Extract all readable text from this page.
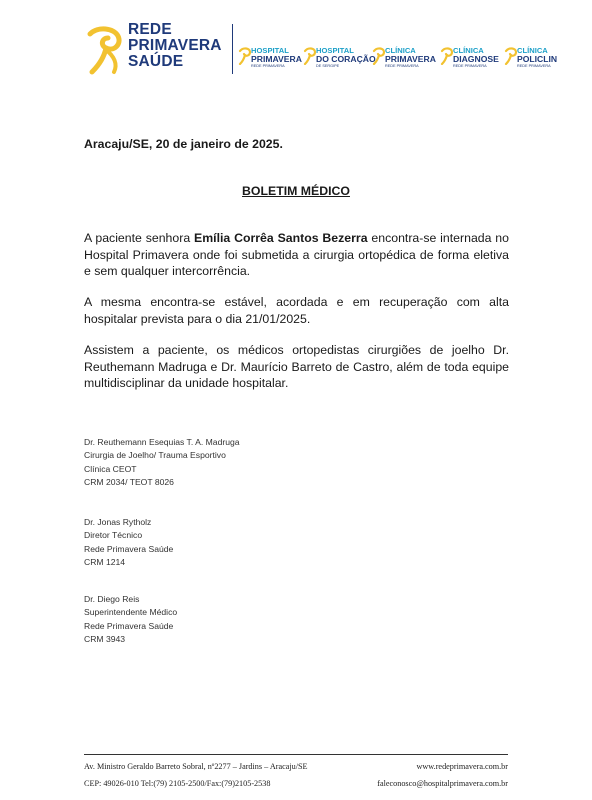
REDE
PRIMAVERA
SAÚDE
HOSPITAL
PRIMAVERA
REDE PRIMAVERA
HOSPITAL
DO CORAÇÃO
DE SERGIPE
CLÍNICA
PRIMAVERA
REDE PRIMAVERA
CLÍNICA
DIAGNOSE
REDE PRIMAVERA
CLÍNICA
POLICLIN
REDE PRIMAVERA
Aracaju/SE, 20 de janeiro de 2025.
BOLETIM MÉDICO
A paciente senhora Emília Corrêa Santos Bezerra encontra-se internada no Hospital Primavera onde foi submetida a cirurgia ortopédica de forma eletiva e sem qualquer intercorrência.
A mesma encontra-se estável, acordada e em recuperação com alta hospitalar prevista para o dia 21/01/2025.
Assistem a paciente, os médicos ortopedistas cirurgiões de joelho Dr. Reuthemann Madruga e Dr. Maurício Barreto de Castro, além de toda equipe multidisciplinar da unidade hospitalar.
Dr. Reuthemann Esequias T. A. Madruga
Cirurgia de Joelho/ Trauma Esportivo
Clínica CEOT
CRM 2034/ TEOT 8026
Dr. Jonas Rytholz
Diretor Técnico
Rede Primavera Saúde
CRM 1214
Dr. Diego Reis
Superintendente Médico
Rede Primavera Saúde
CRM 3943
Av. Ministro Geraldo Barreto Sobral, nº2277 – Jardins – Aracaju/SE	www.redeprimavera.com.br
CEP: 49026-010 Tel:(79) 2105-2500/Fax:(79)2105-2538	faleconosco@hospitalprimavera.com.br
